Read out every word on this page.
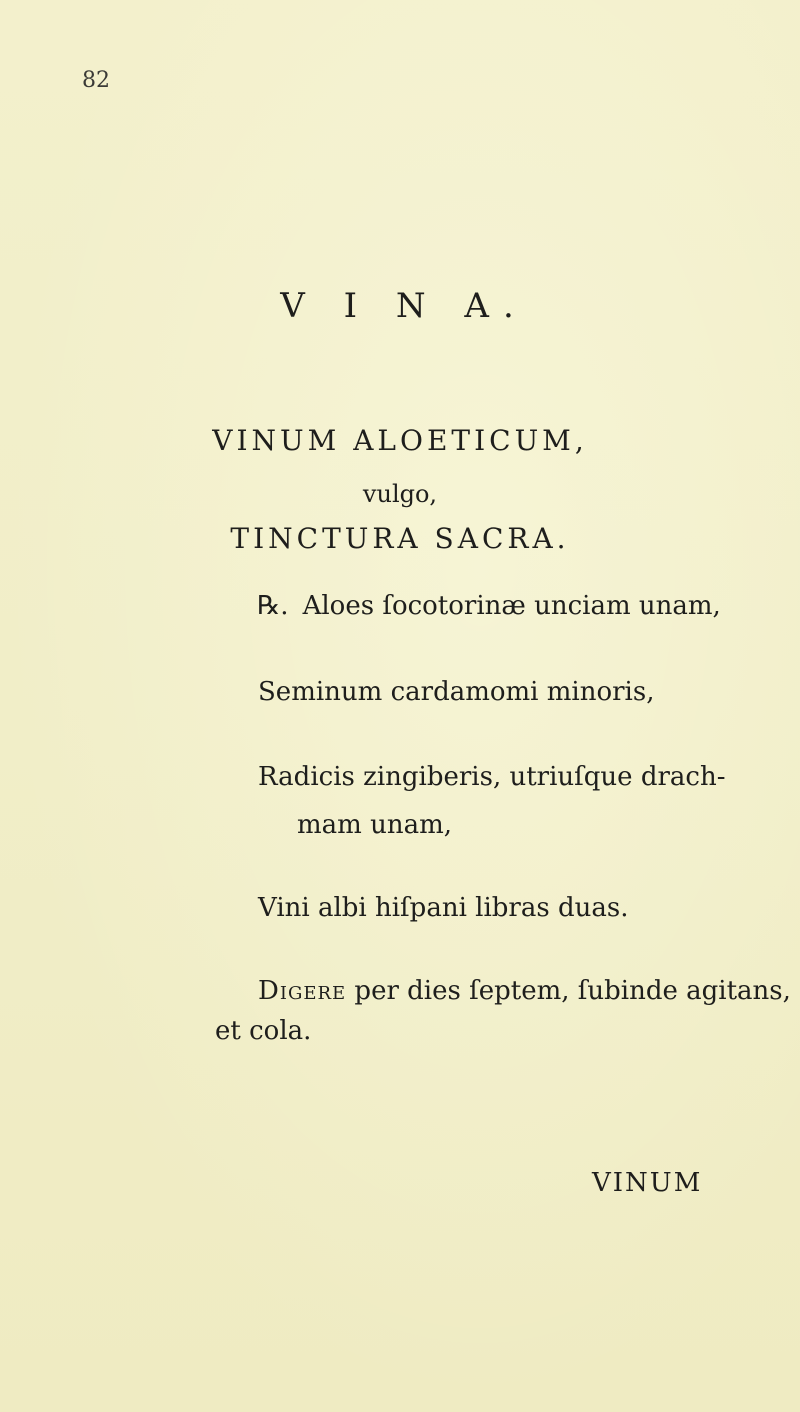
82
V I N A.
VINUM ALOETICUM,
vulgo,
TINCTURA SACRA.
℞. Aloes ſocotorinæ unciam unam,
Seminum cardamomi minoris,
Radicis zingiberis, utriuſque drach-
mam unam,
Vini albi hiſpani libras duas.
Digere per dies ſeptem, ſubinde agitans,
et cola.
VINUM
